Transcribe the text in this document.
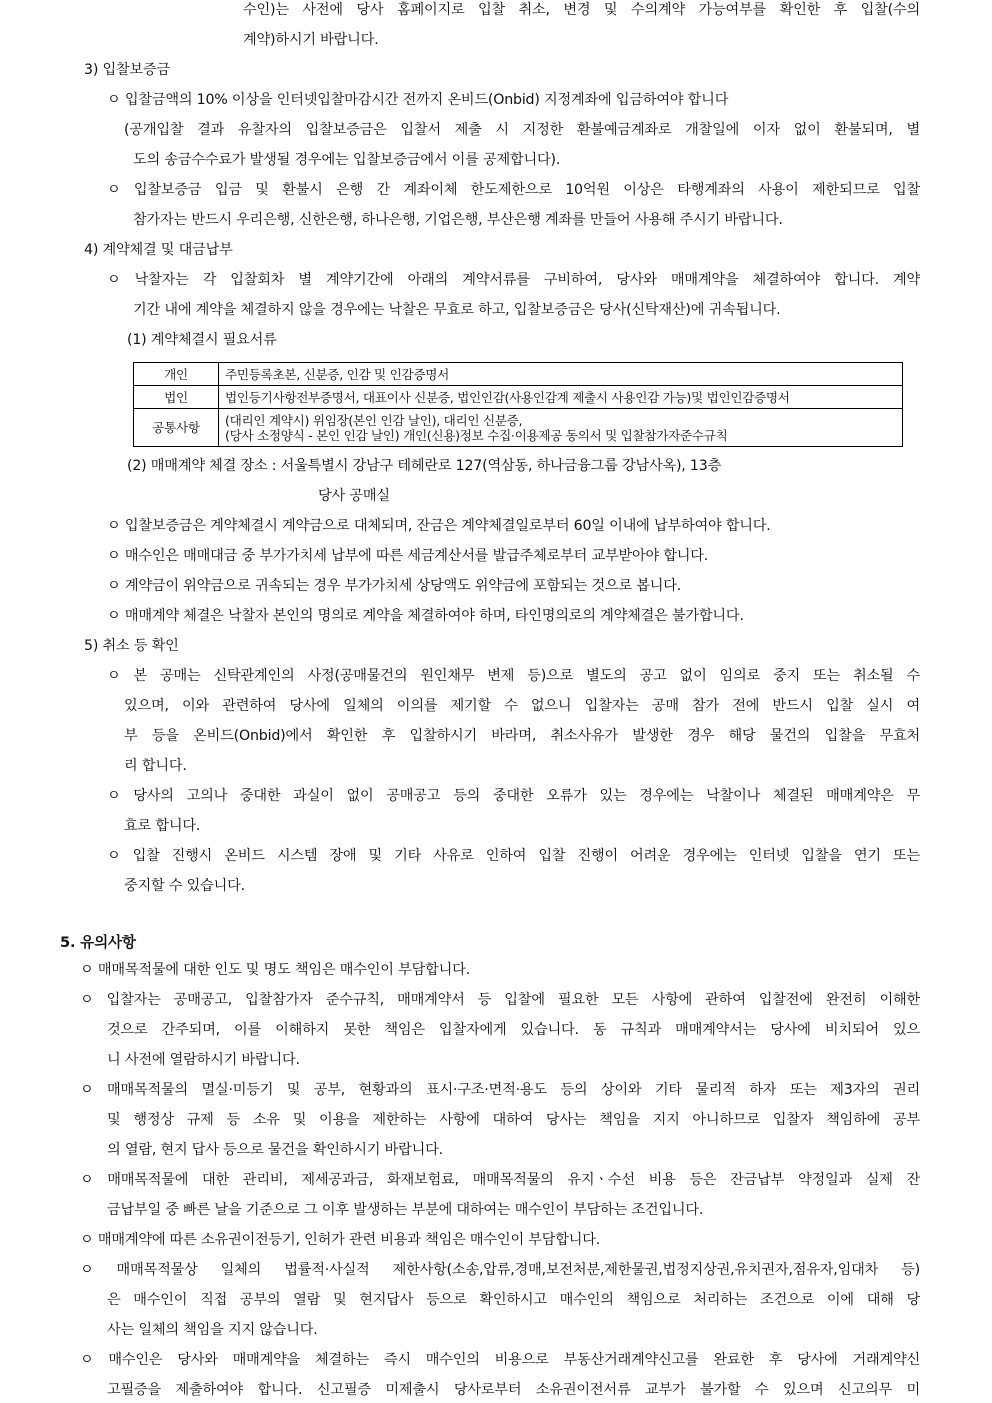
수인)는 사전에 당사 홈페이지로 입찰 취소, 변경 및 수의계약 가능여부를 확인한 후 입찰(수의
계약)하시기 바랍니다.
3) 입찰보증금
ㅇ 입찰금액의 10% 이상을 인터넷입찰마감시간 전까지 온비드(Onbid) 지정계좌에 입금하여야 합니다
(공개입찰 결과 유찰자의 입찰보증금은 입찰서 제출 시 지정한 환불예금계좌로 개찰일에 이자 없이 환불되며, 별
도의 송금수수료가 발생될 경우에는 입찰보증금에서 이를 공제합니다).
ㅇ 입찰보증금 입금 및 환불시 은행 간 계좌이체 한도제한으로 10억원 이상은 타행계좌의 사용이 제한되므로 입찰
참가자는 반드시 우리은행, 신한은행, 하나은행, 기업은행, 부산은행 계좌를 만들어 사용해 주시기 바랍니다.
4) 계약체결 및 대금납부
ㅇ 낙찰자는 각 입찰회차 별 계약기간에 아래의 계약서류를 구비하여, 당사와 매매계약을 체결하여야 합니다. 계약
기간 내에 계약을 체결하지 않을 경우에는 낙찰은 무효로 하고, 입찰보증금은 당사(신탁재산)에 귀속됩니다.
(1) 계약체결시 필요서류
개인	주민등록초본, 신분증, 인감 및 인감증명서
법인	법인등기사항전부증명서, 대표이사 신분증, 법인인감(사용인감계 제출시 사용인감 가능)및 법인인감증명서
공통사항	(대리인 계약시) 위임장(본인 인감 날인), 대리인 신분증,
(당사 소정양식 - 본인 인감 날인) 개인(신용)정보 수집·이용제공 동의서 및 입찰참가자준수규칙
(2) 매매계약 체결 장소 : 서울특별시 강남구 테헤란로 127(역삼동, 하나금융그룹 강남사옥), 13층
당사 공매실
ㅇ 입찰보증금은 계약체결시 계약금으로 대체되며, 잔금은 계약체결일로부터 60일 이내에 납부하여야 합니다.
ㅇ 매수인은 매매대금 중 부가가치세 납부에 따른 세금계산서를 발급주체로부터 교부받아야 합니다.
ㅇ 계약금이 위약금으로 귀속되는 경우 부가가치세 상당액도 위약금에 포함되는 것으로 봅니다.
ㅇ 매매계약 체결은 낙찰자 본인의 명의로 계약을 체결하여야 하며, 타인명의로의 계약체결은 불가합니다.
5) 취소 등 확인
ㅇ 본 공매는 신탁관계인의 사정(공매물건의 원인채무 변제 등)으로 별도의 공고 없이 임의로 중지 또는 취소될 수
있으며, 이와 관련하여 당사에 일체의 이의를 제기할 수 없으니 입찰자는 공매 참가 전에 반드시 입찰 실시 여
부 등을 온비드(Onbid)에서 확인한 후 입찰하시기 바라며, 취소사유가 발생한 경우 해당 물건의 입찰을 무효처
리 합니다.
ㅇ 당사의 고의나 중대한 과실이 없이 공매공고 등의 중대한 오류가 있는 경우에는 낙찰이나 체결된 매매계약은 무
효로 합니다.
ㅇ 입찰 진행시 온비드 시스템 장애 및 기타 사유로 인하여 입찰 진행이 어려운 경우에는 인터넷 입찰을 연기 또는
중지할 수 있습니다.
5. 유의사항
ㅇ 매매목적물에 대한 인도 및 명도 책임은 매수인이 부담합니다.
ㅇ 입찰자는 공매공고, 입찰참가자 준수규칙, 매매계약서 등 입찰에 필요한 모든 사항에 관하여 입찰전에 완전히 이해한
것으로 간주되며, 이를 이해하지 못한 책임은 입찰자에게 있습니다. 동 규칙과 매매계약서는 당사에 비치되어 있으
니 사전에 열람하시기 바랍니다.
ㅇ 매매목적물의 멸실·미등기 및 공부, 현황과의 표시·구조·면적·용도 등의 상이와 기타 물리적 하자 또는 제3자의 권리
및 행정상 규제 등 소유 및 이용을 제한하는 사항에 대하여 당사는 책임을 지지 아니하므로 입찰자 책임하에 공부
의 열람, 현지 답사 등으로 물건을 확인하시기 바랍니다.
ㅇ 매매목적물에 대한 관리비, 제세공과금, 화재보험료, 매매목적물의 유지ㆍ수선 비용 등은 잔금납부 약정일과 실제 잔
금납부일 중 빠른 날을 기준으로 그 이후 발생하는 부분에 대하여는 매수인이 부담하는 조건입니다.
ㅇ 매매계약에 따른 소유권이전등기, 인허가 관련 비용과 책임은 매수인이 부담합니다.
ㅇ 매매목적물상 일체의 법률적·사실적 제한사항(소송,압류,경매,보전처분,제한물권,법정지상권,유치권자,점유자,임대차 등)
은 매수인이 직접 공부의 열람 및 현지답사 등으로 확인하시고 매수인의 책임으로 처리하는 조건으로 이에 대해 당
사는 일체의 책임을 지지 않습니다.
ㅇ 매수인은 당사와 매매계약을 체결하는 즉시 매수인의 비용으로 부동산거래계약신고를 완료한 후 당사에 거래계약신
고필증을 제출하여야 합니다. 신고필증 미제출시 당사로부터 소유권이전서류 교부가 불가할 수 있으며 신고의무 미
